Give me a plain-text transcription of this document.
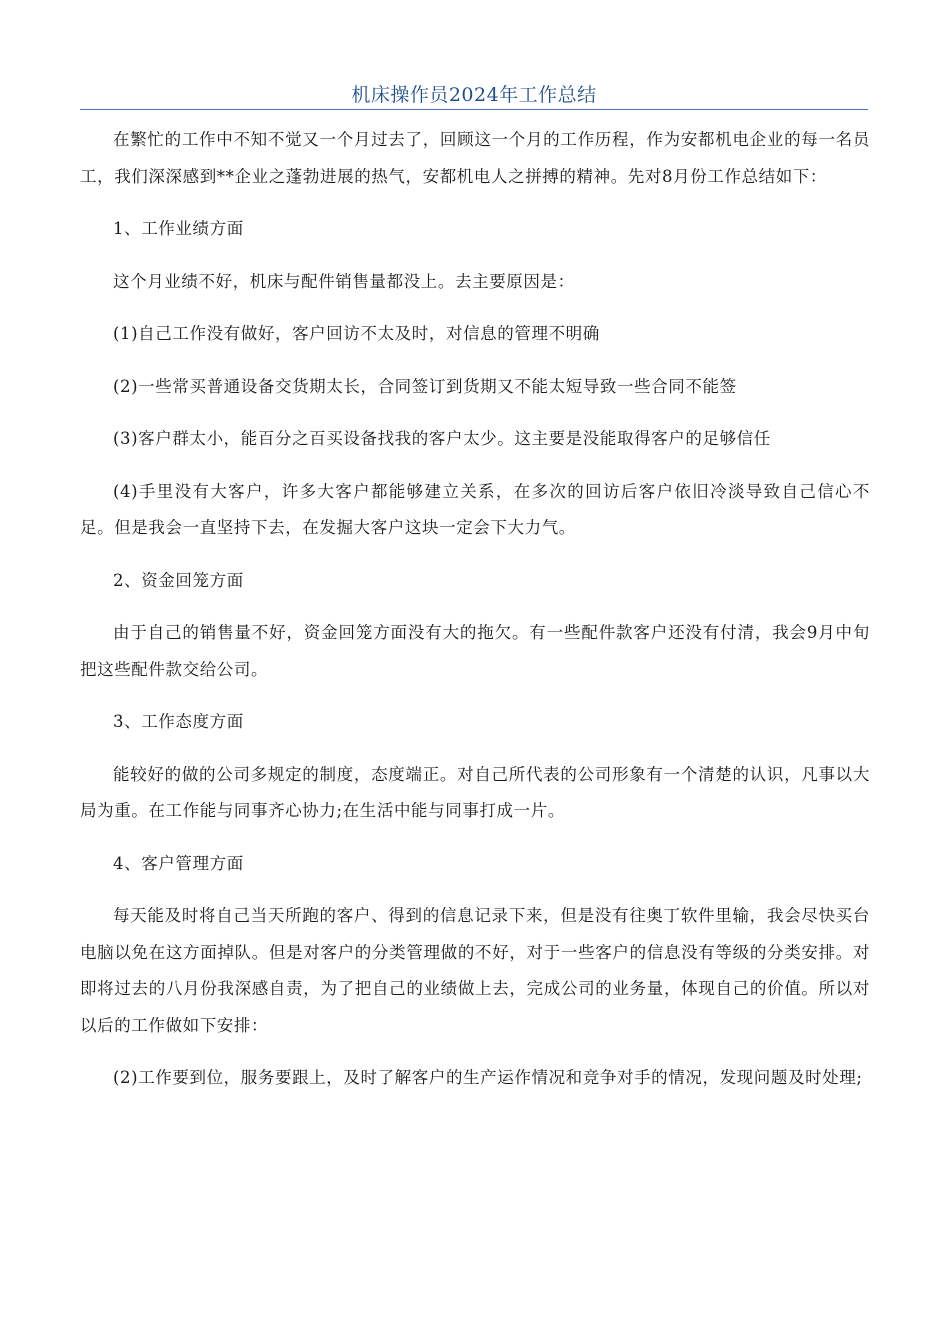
机床操作员2024年工作总结

在繁忙的工作中不知不觉又一个月过去了，回顾这一个月的工作历程，作为安都机电企业的每一名员工，我们深深感到**企业之蓬勃进展的热气，安都机电人之拼搏的精神。先对8月份工作总结如下：

1、工作业绩方面

这个月业绩不好，机床与配件销售量都没上。去主要原因是：

(1)自己工作没有做好，客户回访不太及时，对信息的管理不明确

(2)一些常买普通设备交货期太长，合同签订到货期又不能太短导致一些合同不能签

(3)客户群太小，能百分之百买设备找我的客户太少。这主要是没能取得客户的足够信任

(4)手里没有大客户，许多大客户都能够建立关系，在多次的回访后客户依旧冷淡导致自己信心不足。但是我会一直坚持下去，在发掘大客户这块一定会下大力气。

2、资金回笼方面

由于自己的销售量不好，资金回笼方面没有大的拖欠。有一些配件款客户还没有付清，我会9月中旬把这些配件款交给公司。

3、工作态度方面

能较好的做的公司多规定的制度，态度端正。对自己所代表的公司形象有一个清楚的认识，凡事以大局为重。在工作能与同事齐心协力;在生活中能与同事打成一片。

4、客户管理方面

每天能及时将自己当天所跑的客户、得到的信息记录下来，但是没有往奥丁软件里输，我会尽快买台电脑以免在这方面掉队。但是对客户的分类管理做的不好，对于一些客户的信息没有等级的分类安排。对即将过去的八月份我深感自责，为了把自己的业绩做上去，完成公司的业务量，体现自己的价值。所以对以后的工作做如下安排：

(2)工作要到位，服务要跟上，及时了解客户的生产运作情况和竞争对手的情况，发现问题及时处理;
